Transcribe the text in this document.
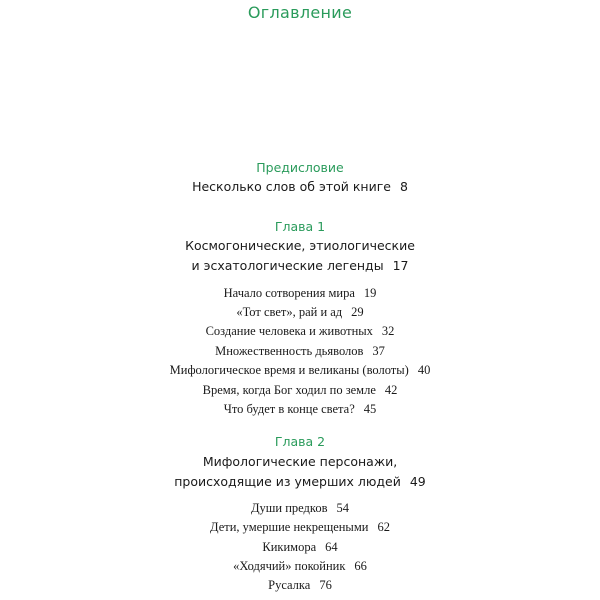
Оглавление
Предисловие
Несколько слов об этой книге 8
Глава 1
Космогонические, этиологические
и эсхатологические легенды 17
Начало сотворения мира 19
«Тот свет», рай и ад 29
Создание человека и животных 32
Множественность дьяволов 37
Мифологическое время и великаны (волоты) 40
Время, когда Бог ходил по земле 42
Что будет в конце света? 45
Глава 2
Мифологические персонажи,
происходящие из умерших людей 49
Души предков 54
Дети, умершие некрещеными 62
Кикимора 64
«Ходячий» покойник 66
Русалка 76
